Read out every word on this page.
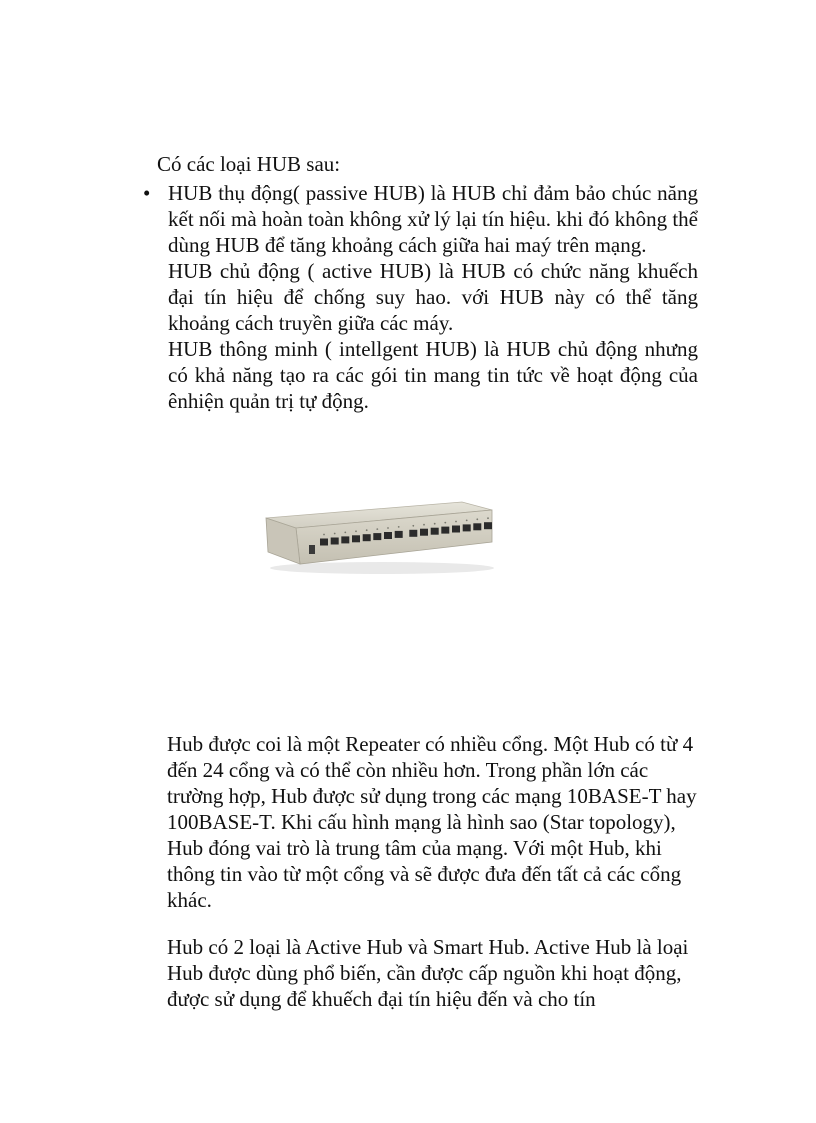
Có các loại HUB sau:

• HUB thụ động( passive HUB) là HUB chỉ đảm bảo chúc năng kết nối mà hoàn toàn không xử lý lại tín hiệu. khi đó không thể dùng HUB để tăng khoảng cách giữa hai maý trên mạng.

HUB chủ động ( active HUB) là HUB có chức năng khuếch đại tín hiệu để chống suy hao. với HUB này có thể tăng khoảng cách truyền giữa các máy.

HUB thông minh ( intellgent HUB) là HUB chủ động nhưng có khả năng tạo ra các gói tin mang tin tức về hoạt động của ênhiện quản trị tự động.

Hub được coi là một Repeater có nhiều cổng. Một Hub có từ 4 đến 24 cổng và có thể còn nhiều hơn. Trong phần lớn các trường hợp, Hub được sử dụng trong các mạng 10BASE-T hay 100BASE-T. Khi cấu hình mạng là hình sao (Star topology), Hub đóng vai trò là trung tâm của mạng. Với một Hub, khi thông tin vào từ một cổng và sẽ được đưa đến tất cả các cổng khác.

Hub có 2 loại là Active Hub và Smart Hub. Active Hub là loại Hub được dùng phổ biến, cần được cấp nguồn khi hoạt động, được sử dụng để khuếch đại tín hiệu đến và cho tín
